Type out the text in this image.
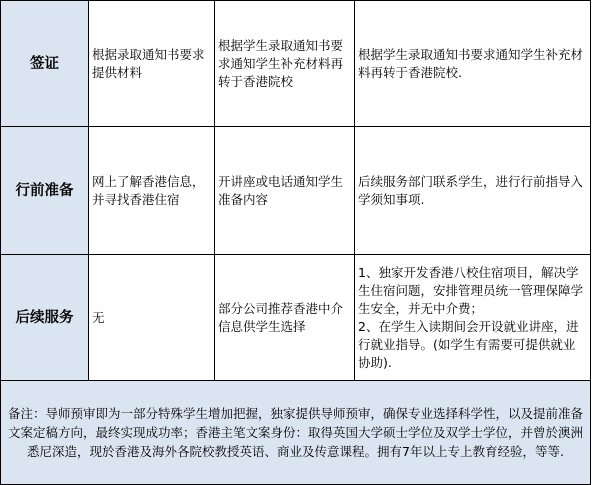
签证	根据录取通知书要求提供材料	根据学生录取通知书要求通知学生补充材料再转于香港院校	根据学生录取通知书要求通知学生补充材料再转于香港院校.

行前准备	网上了解香港信息，并寻找香港住宿	开讲座或电话通知学生准备内容	后续服务部门联系学生，进行行前指导入学须知事项.

后续服务	无	部分公司推荐香港中介信息供学生选择	1、独家开发香港八校住宿项目，解决学生住宿问题，安排管理员统一管理保障学生安全，并无中介费；
2、在学生入读期间会开设就业讲座，进行就业指导。(如学生有需要可提供就业协助).

备注：导师预审即为一部分特殊学生增加把握，独家提供导师预审，确保专业选择科学性，以及提前准备文案定稿方向，最终实现成功率；香港主笔文案身份：取得英国大学硕士学位及双学士学位，并曾於澳洲悉尼深造，现於香港及海外各院校教授英语、商业及传意课程。拥有7年以上专上教育经验，等等.			
